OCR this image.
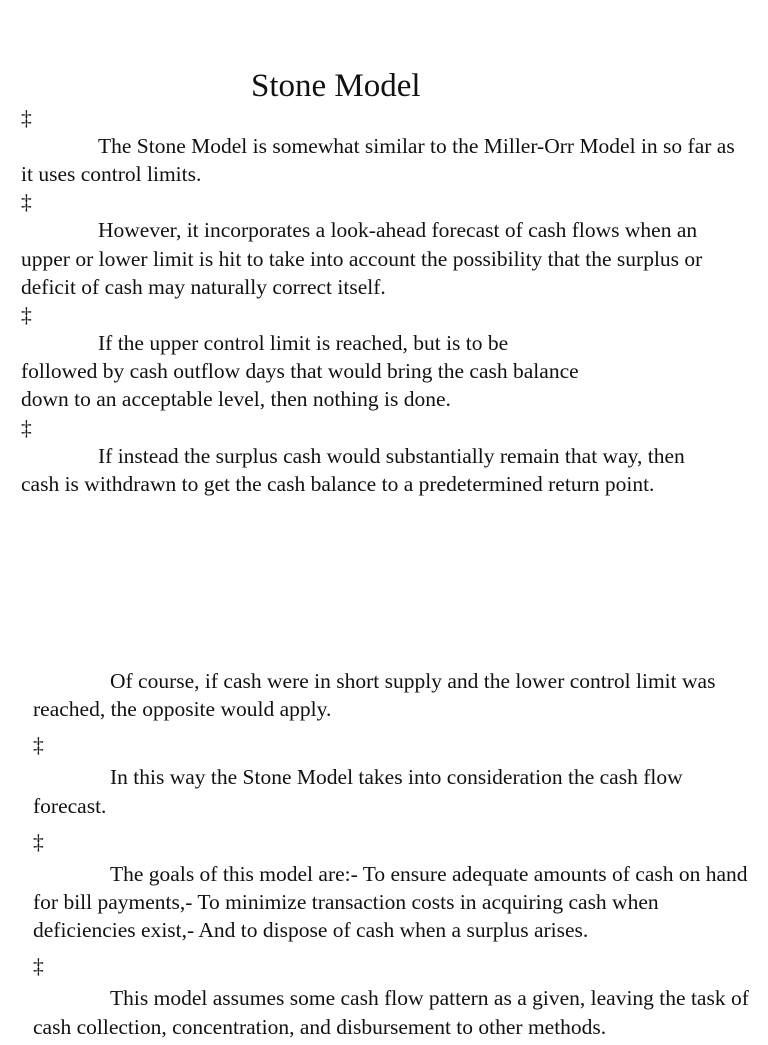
Stone Model
‡

The Stone Model is somewhat similar to the Miller-Orr Model in so far as it uses control limits.

‡

However, it incorporates a look-ahead forecast of cash flows when an upper or lower limit is hit to take into account the possibility that the surplus or deficit of cash may naturally correct itself.

‡

If the upper control limit is reached, but is to be followed by cash outflow days that would bring the cash balance down to an acceptable level, then nothing is done.

‡

If instead the surplus cash would substantially remain that way, then cash is withdrawn to get the cash balance to a predetermined return point.

Of course, if cash were in short supply and the lower control limit was reached, the opposite would apply.

‡

In this way the Stone Model takes into consideration the cash flow forecast.

‡

The goals of this model are:- To ensure adequate amounts of cash on hand for bill payments,- To minimize transaction costs in acquiring cash when deficiencies exist,- And to dispose of cash when a surplus arises.

‡

This model assumes some cash flow pattern as a given, leaving the task of cash collection, concentration, and disbursement to other methods.
